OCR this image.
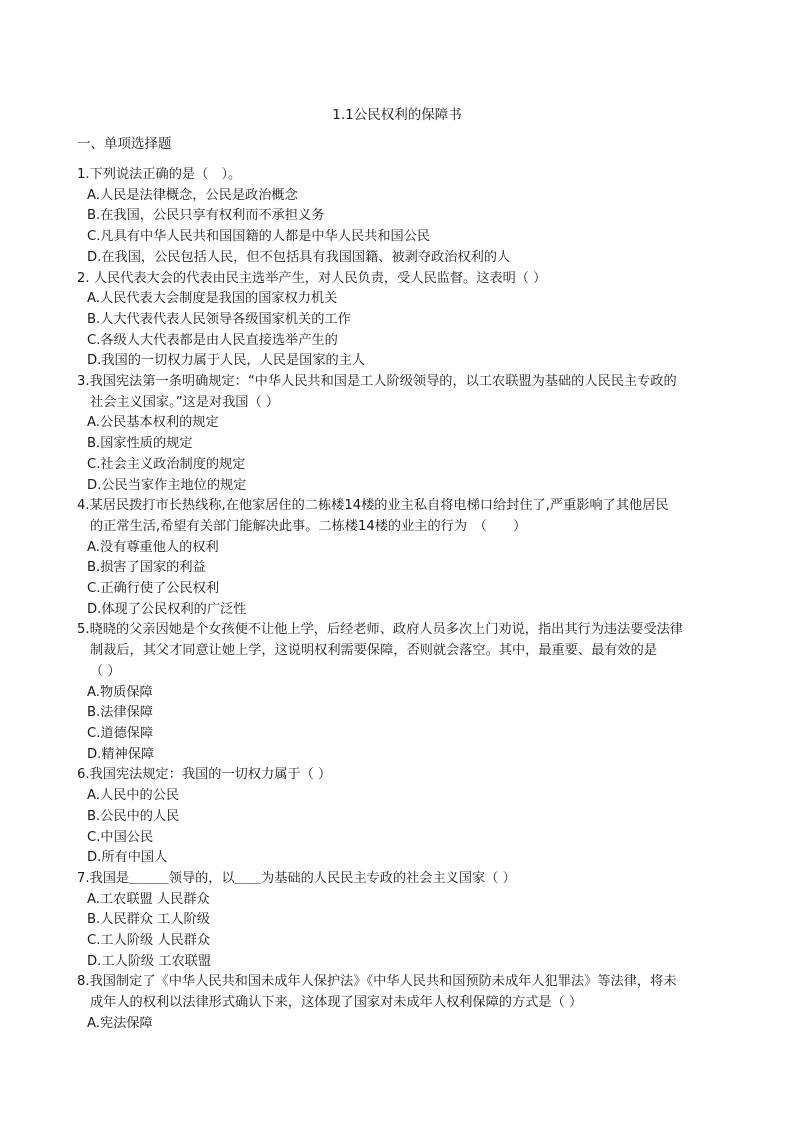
1.1公民权利的保障书
一、单项选择题
1.下列说法正确的是（　）。
A.人民是法律概念，公民是政治概念
B.在我国，公民只享有权利而不承担义务
C.凡具有中华人民共和国国籍的人都是中华人民共和国公民
D.在我国，公民包括人民，但不包括具有我国国籍、被剥夺政治权利的人
2. 人民代表大会的代表由民主选举产生，对人民负责，受人民监督。这表明（ ）
A.人民代表大会制度是我国的国家权力机关
B.人大代表代表人民领导各级国家机关的工作
C.各级人大代表都是由人民直接选举产生的
D.我国的一切权力属于人民，人民是国家的主人
3.我国宪法第一条明确规定：“中华人民共和国是工人阶级领导的，以工农联盟为基础的人民民主专政的
社会主义国家。”这是对我国（ ）
A.公民基本权利的规定
B.国家性质的规定
C.社会主义政治制度的规定
D.公民当家作主地位的规定
4.某居民拨打市长热线称,在他家居住的二栋楼14楼的业主私自将电梯口给封住了,严重影响了其他居民
的正常生活,希望有关部门能解决此事。二栋楼14楼的业主的行为　（　　）
A.没有尊重他人的权利
B.损害了国家的利益
C.正确行使了公民权利
D.体现了公民权利的广泛性
5.晓晓的父亲因她是个女孩便不让他上学，后经老师、政府人员多次上门劝说，指出其行为违法要受法律
制裁后，其父才同意让她上学，这说明权利需要保障，否则就会落空。其中，最重要、最有效的是
（ ）
A.物质保障
B.法律保障
C.道德保障
D.精神保障
6.我国宪法规定：我国的一切权力属于（ ）
A.人民中的公民
B.公民中的人民
C.中国公民
D.所有中国人
7.我国是＿＿＿领导的，以＿＿为基础的人民民主专政的社会主义国家（ ）
A.工农联盟 人民群众
B.人民群众 工人阶级
C.工人阶级 人民群众
D.工人阶级 工农联盟
8.我国制定了《中华人民共和国未成年人保护法》《中华人民共和国预防未成年人犯罪法》等法律，将未
成年人的权利以法律形式确认下来，这体现了国家对未成年人权利保障的方式是（ ）
A.宪法保障
